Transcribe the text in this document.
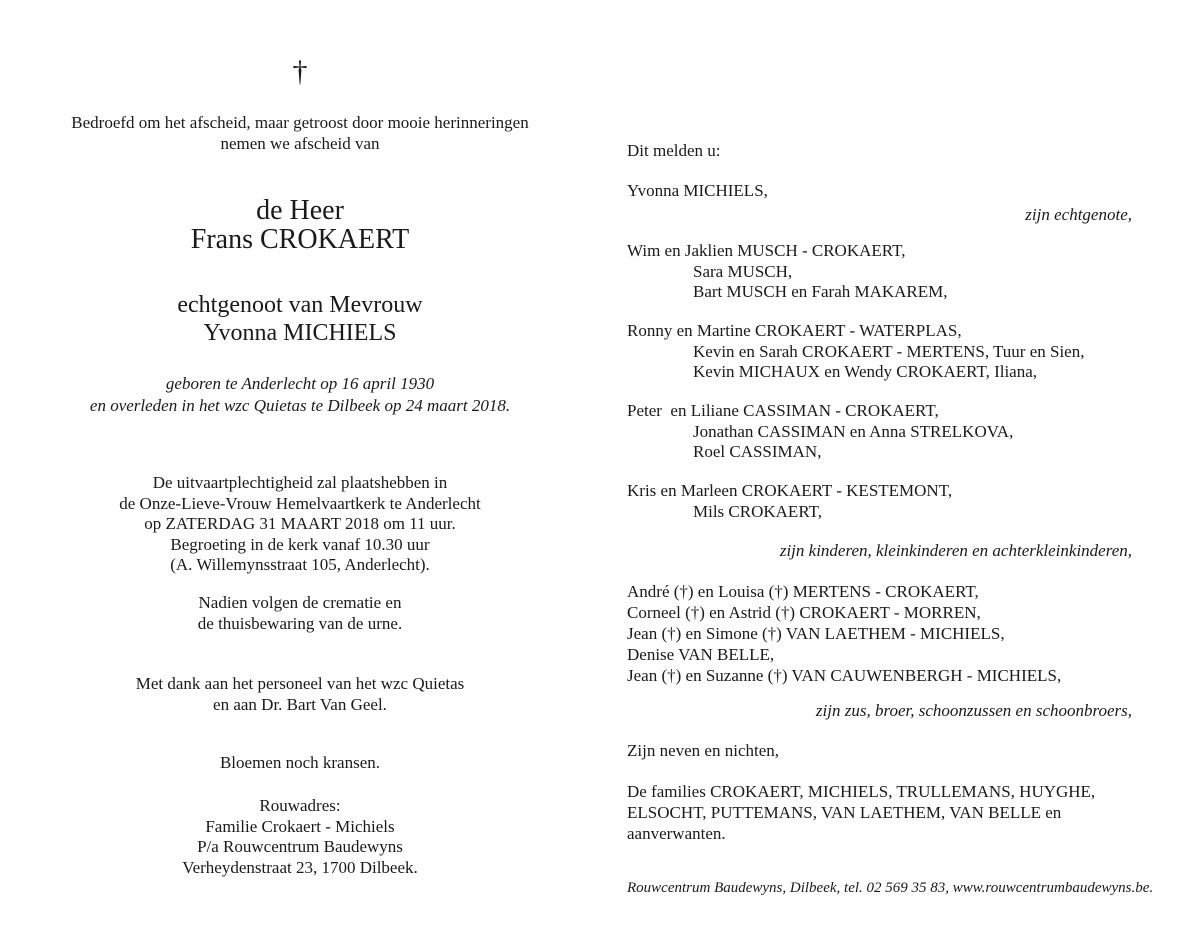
†
Bedroefd om het afscheid, maar getroost door mooie herinneringen
nemen we afscheid van
de Heer
Frans CROKAERT
echtgenoot van Mevrouw
Yvonna MICHIELS
geboren te Anderlecht op 16 april 1930
en overleden in het wzc Quietas te Dilbeek op 24 maart 2018.
De uitvaartplechtigheid zal plaatshebben in
de Onze-Lieve-Vrouw Hemelvaartkerk te Anderlecht
op ZATERDAG 31 MAART 2018 om 11 uur.
Begroeting in de kerk vanaf 10.30 uur
(A. Willemynsstraat 105, Anderlecht).
Nadien volgen de crematie en
de thuisbewaring van de urne.
Met dank aan het personeel van het wzc Quietas
en aan Dr. Bart Van Geel.
Bloemen noch kransen.
Rouwadres:
Familie Crokaert - Michiels
P/a Rouwcentrum Baudewyns
Verheydenstraat 23, 1700 Dilbeek.
Dit melden u:
Yvonna MICHIELS,
zijn echtgenote,
Wim en Jaklien MUSCH - CROKAERT,
Sara MUSCH,
Bart MUSCH en Farah MAKAREM,
Ronny en Martine CROKAERT - WATERPLAS,
Kevin en Sarah CROKAERT - MERTENS, Tuur en Sien,
Kevin MICHAUX en Wendy CROKAERT, Iliana,
Peter  en Liliane CASSIMAN - CROKAERT,
Jonathan CASSIMAN en Anna STRELKOVA,
Roel CASSIMAN,
Kris en Marleen CROKAERT - KESTEMONT,
Mils CROKAERT,
zijn kinderen, kleinkinderen en achterkleinkinderen,
André (†) en Louisa (†) MERTENS - CROKAERT,
Corneel (†) en Astrid (†) CROKAERT - MORREN,
Jean (†) en Simone (†) VAN LAETHEM - MICHIELS,
Denise VAN BELLE,
Jean (†) en Suzanne (†) VAN CAUWENBERGH - MICHIELS,
zijn zus, broer, schoonzussen en schoonbroers,
Zijn neven en nichten,
De families CROKAERT, MICHIELS, TRULLEMANS, HUYGHE,
ELSOCHT, PUTTEMANS, VAN LAETHEM, VAN BELLE en
aanverwanten.
Rouwcentrum Baudewyns, Dilbeek, tel. 02 569 35 83, www.rouwcentrumbaudewyns.be.
